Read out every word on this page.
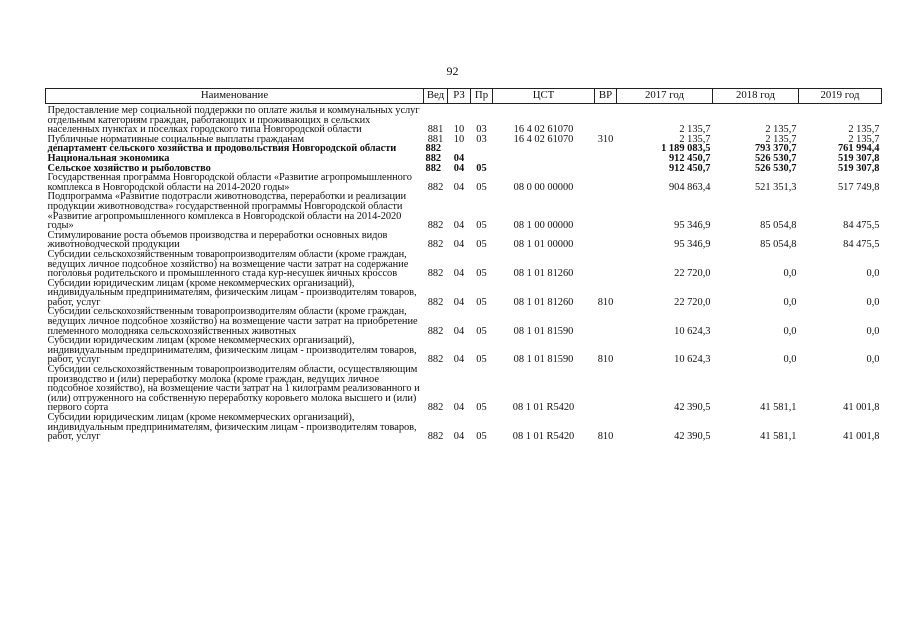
92
Наименование	Вед	РЗ	Пр	ЦСТ	ВР	2017 год	2018 год	2019 год

Предоставление мер социальной поддержки по оплате жилья и коммунальных услуг отдельным категориям граждан, работающих и проживающих в сельских населенных пунктах и поселках городского типа Новгородской области	881	10	03	16 4 02 61070		2 135,7	2 135,7	2 135,7
Публичные нормативные социальные выплаты гражданам	881	10	03	16 4 02 61070	310	2 135,7	2 135,7	2 135,7
департамент сельского хозяйства и продовольствия Новгородской области	882					1 189 083,5	793 370,7	761 994,4
Национальная экономика	882	04				912 450,7	526 530,7	519 307,8
Сельское хозяйство и рыболовство	882	04	05			912 450,7	526 530,7	519 307,8
Государственная программа Новгородской области «Развитие агропромышленного комплекса в Новгородской области на 2014-2020 годы»	882	04	05	08 0 00 00000		904 863,4	521 351,3	517 749,8
Подпрограмма «Развитие подотрасли животноводства, переработки и реализации продукции животноводства» государственной программы Новгородской области «Развитие агропромышленного комплекса в Новгородской области на 2014-2020 годы»	882	04	05	08 1 00 00000		95 346,9	85 054,8	84 475,5
Стимулирование роста объемов производства и переработки основных видов животноводческой продукции	882	04	05	08 1 01 00000		95 346,9	85 054,8	84 475,5
Субсидии сельскохозяйственным товаропроизводителям области (кроме граждан, ведущих личное подсобное хозяйство) на возмещение части затрат на содержание поголовья родительского и промышленного стада кур-несушек яичных кроссов	882	04	05	08 1 01 81260		22 720,0	0,0	0,0
Субсидии юридическим лицам (кроме некоммерческих организаций), индивидуальным предпринимателям, физическим лицам - производителям товаров, работ, услуг	882	04	05	08 1 01 81260	810	22 720,0	0,0	0,0
Субсидии сельскохозяйственным товаропроизводителям области (кроме граждан, ведущих личное подсобное хозяйство) на возмещение части затрат на приобретение племенного молодняка сельскохозяйственных животных	882	04	05	08 1 01 81590		10 624,3	0,0	0,0
Субсидии юридическим лицам (кроме некоммерческих организаций), индивидуальным предпринимателям, физическим лицам - производителям товаров, работ, услуг	882	04	05	08 1 01 81590	810	10 624,3	0,0	0,0
Субсидии сельскохозяйственным товаропроизводителям области, осуществляющим производство и (или) переработку молока (кроме граждан, ведущих личное подсобное хозяйство), на возмещение части затрат на 1 килограмм реализованного и (или) отгруженного на собственную переработку коровьего молока высшего и (или) первого сорта	882	04	05	08 1 01 R5420		42 390,5	41 581,1	41 001,8
Субсидии юридическим лицам (кроме некоммерческих организаций), индивидуальным предпринимателям, физическим лицам - производителям товаров, работ, услуг	882	04	05	08 1 01 R5420	810	42 390,5	41 581,1	41 001,8
